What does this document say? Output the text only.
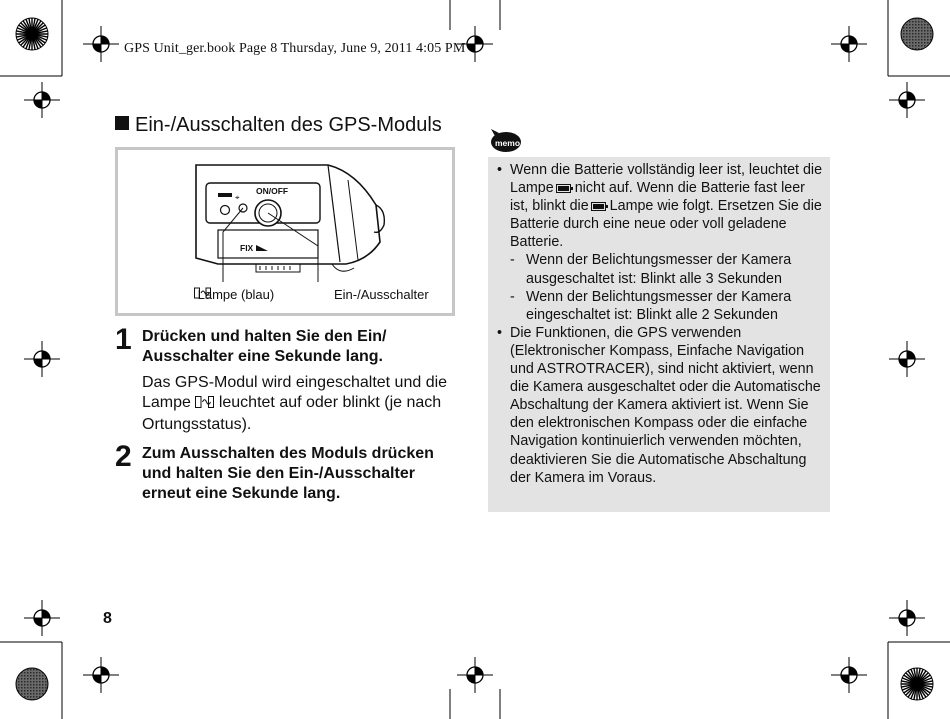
GPS Unit_ger.book Page 8 Thursday, June 9, 2011 4:05 PM
Ein-/Ausschalten des GPS-Moduls
⌖
ON/OFF
FIX
Lampe (blau)	Ein-/Ausschalter
1 Drücken und halten Sie den Ein/ Ausschalter eine Sekunde lang.

Das GPS-Modul wird eingeschaltet und die Lampe leuchtet auf oder blinkt (je nach Ortungsstatus).

2 Zum Ausschalten des Moduls drücken und halten Sie den Ein-/Ausschalter erneut eine Sekunde lang.

memo
• Wenn die Batterie vollständig leer ist, leuchtet die Lampe nicht auf. Wenn die Batterie fast leer ist, blinkt die Lampe wie folgt. Ersetzen Sie die Batterie durch eine neue oder voll geladene Batterie.
- Wenn der Belichtungsmesser der Kamera ausgeschaltet ist: Blinkt alle 3 Sekunden
- Wenn der Belichtungsmesser der Kamera eingeschaltet ist: Blinkt alle 2 Sekunden
• Die Funktionen, die GPS verwenden (Elektronischer Kompass, Einfache Navigation und ASTROTRACER), sind nicht aktiviert, wenn die Kamera ausgeschaltet oder die Automatische Abschaltung der Kamera aktiviert ist. Wenn Sie den elektronischen Kompass oder die einfache Navigation kontinuierlich verwenden möchten, deaktivieren Sie die Automatische Abschaltung der Kamera im Voraus.
8
